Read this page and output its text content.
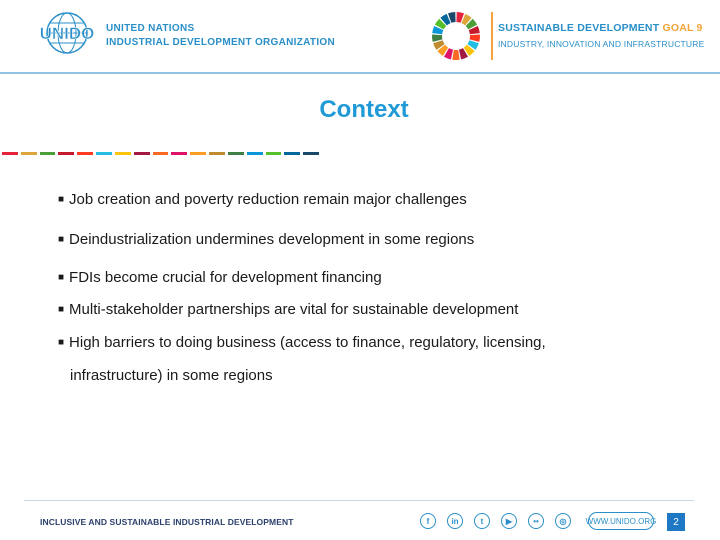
UNIDO UNITED NATIONS
INDUSTRIAL DEVELOPMENT ORGANIZATION
SUSTAINABLE DEVELOPMENT GOAL 9
INDUSTRY, INNOVATION AND INFRASTRUCTURE
Context
■ Job creation and poverty reduction remain major challenges
■ Deindustrialization undermines development in some regions
■ FDIs become crucial for development financing
■ Multi-stakeholder partnerships are vital for sustainable development
■ High barriers to doing business (access to finance, regulatory, licensing,
infrastructure) in some regions
INCLUSIVE AND SUSTAINABLE INDUSTRIAL DEVELOPMENT	f	in	t	▶	••	◎	WWW.UNIDO.ORG	2
